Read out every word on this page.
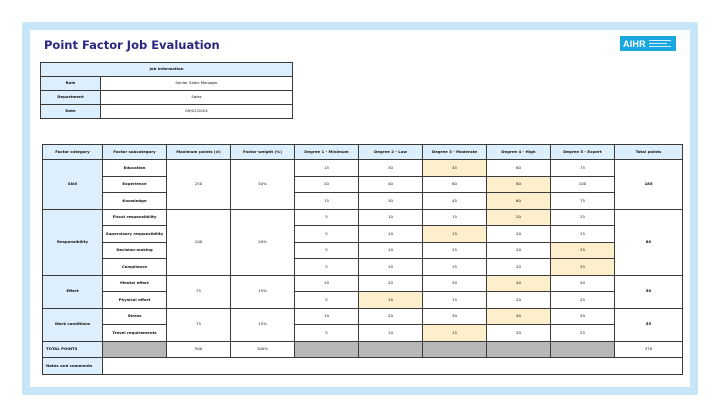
Point Factor Job Evaluation	AIHR
Job Information	
Role	Senior Sales Manager
Department	Sales
Date	09/01/2024
Factor category	Factor subcategory	Maximum points (#)	Factor weight (%)	Degree 1 - Minimum	Degree 2 - Low	Degree 3 - Moderate	Degree 4 - High	Degree 5 - Expert	Total points
Skill	Education	250	50%	15	30	45	60	75	185
	Experience			20	40	60	80	100	
	Knowledge			15	30	45	60	75	
Responsibility	Fiscal responsibility	100	20%	5	10	15	20	25	80
	Supervisory responsibility			5	10	15	20	25	
	Decision-making			5	10	15	20	25	
	Compliance			5	10	15	20	25	
Effort	Mental effort	75	15%	10	20	30	40	50	50
	Physical effort			5	10	15	20	25	
Work conditions	Stress	75	15%	10	20	30	40	50	55
	Travel requirements			5	10	15	20	25	
TOTAL POINTS		500	100%						370
Notes and comments									
